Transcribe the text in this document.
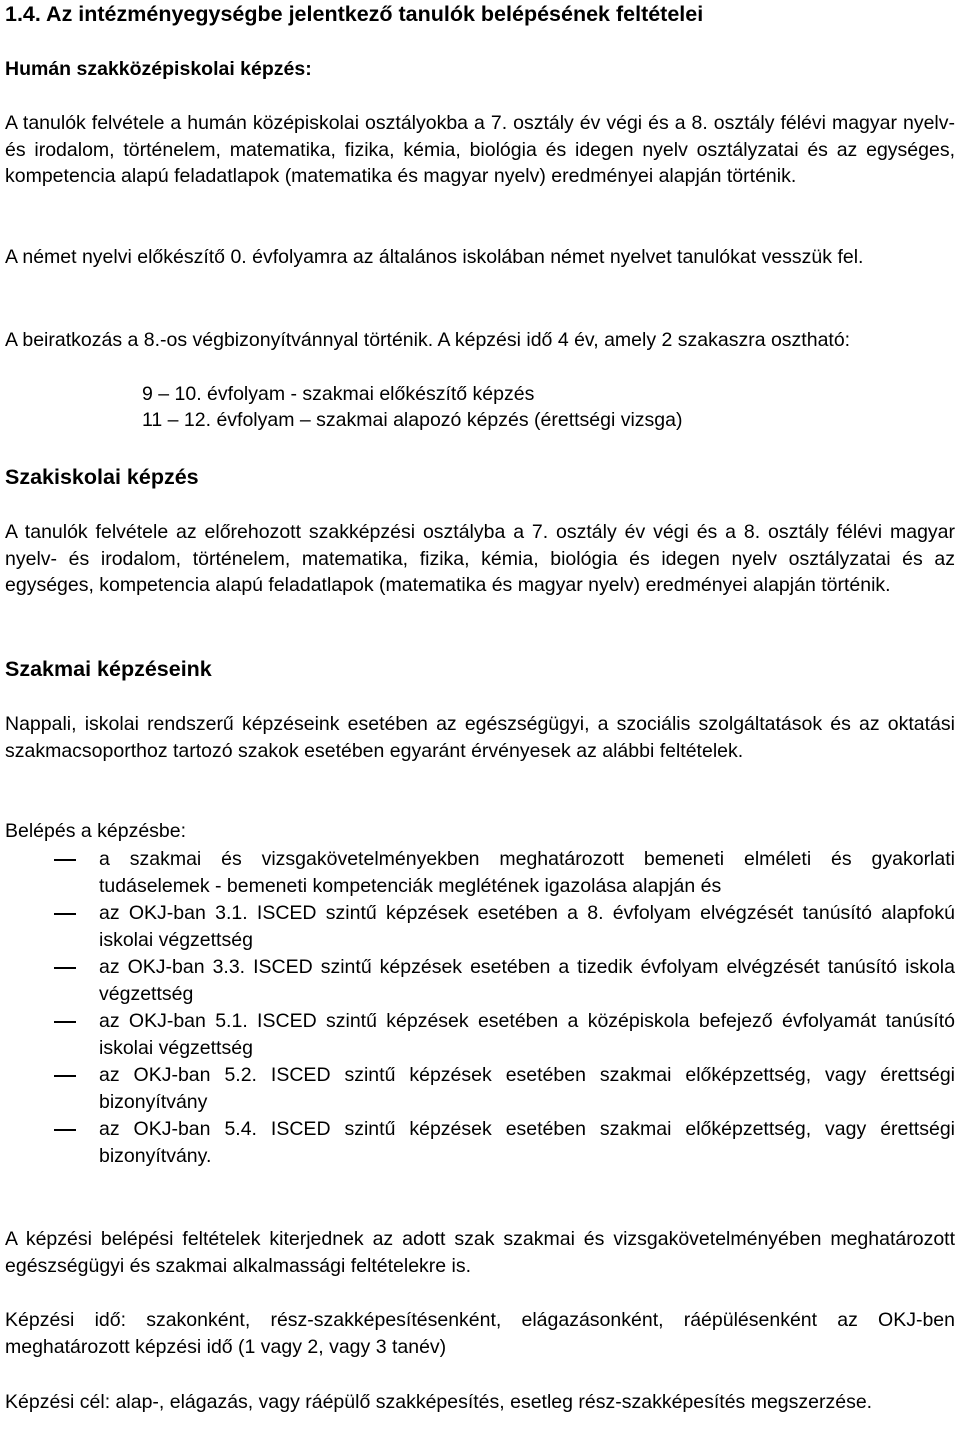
1.4. Az intézményegységbe jelentkező tanulók belépésének feltételei
Humán szakközépiskolai képzés:

A tanulók felvétele a humán középiskolai osztályokba a 7. osztály év végi és a 8. osztály félévi magyar nyelv- és irodalom, történelem, matematika, fizika, kémia, biológia és idegen nyelv osztályzatai és az egységes, kompetencia alapú feladatlapok (matematika és magyar nyelv) eredményei alapján történik.

A német nyelvi előkészítő 0. évfolyamra az általános iskolában német nyelvet tanulókat vesszük fel.

A beiratkozás a 8.-os végbizonyítvánnyal történik. A képzési idő 4 év, amely 2 szakaszra osztható:

9 – 10. évfolyam - szakmai előkészítő képzés
11 – 12. évfolyam – szakmai alapozó képzés (érettségi vizsga)
Szakiskolai képzés

A tanulók felvétele az előrehozott szakképzési osztályba a 7. osztály év végi és a 8. osztály félévi magyar nyelv- és irodalom, történelem, matematika, fizika, kémia, biológia és idegen nyelv osztályzatai és az egységes, kompetencia alapú feladatlapok (matematika és magyar nyelv) eredményei alapján történik.

Szakmai képzéseink

Nappali, iskolai rendszerű képzéseink esetében az egészségügyi, a szociális szolgáltatások és az oktatási szakmacsoporthoz tartozó szakok esetében egyaránt érvényesek az alábbi feltételek.

Belépés a képzésbe:
a szakmai és vizsgakövetelményekben meghatározott bemeneti elméleti és gyakorlati tudáselemek - bemeneti kompetenciák meglétének igazolása alapján és
az OKJ-ban 3.1. ISCED szintű képzések esetében a 8. évfolyam elvégzését tanúsító alapfokú iskolai végzettség
az OKJ-ban 3.3. ISCED szintű képzések esetében a tizedik évfolyam elvégzését tanúsító iskola végzettség
az OKJ-ban 5.1. ISCED szintű képzések esetében a középiskola befejező évfolyamát tanúsító iskolai végzettség
az OKJ-ban 5.2. ISCED szintű képzések esetében szakmai előképzettség, vagy érettségi bizonyítvány
az OKJ-ban 5.4. ISCED szintű képzések esetében szakmai előképzettség, vagy érettségi bizonyítvány.

A képzési belépési feltételek kiterjednek az adott szak szakmai és vizsgakövetelményében meghatározott egészségügyi és szakmai alkalmassági feltételekre is.

Képzési idő: szakonként, rész-szakképesítésenként, elágazásonként, ráépülésenként az OKJ-ben meghatározott képzési idő (1 vagy 2, vagy 3 tanév)

Képzési cél: alap-, elágazás, vagy ráépülő szakképesítés, esetleg rész-szakképesítés megszerzése.
